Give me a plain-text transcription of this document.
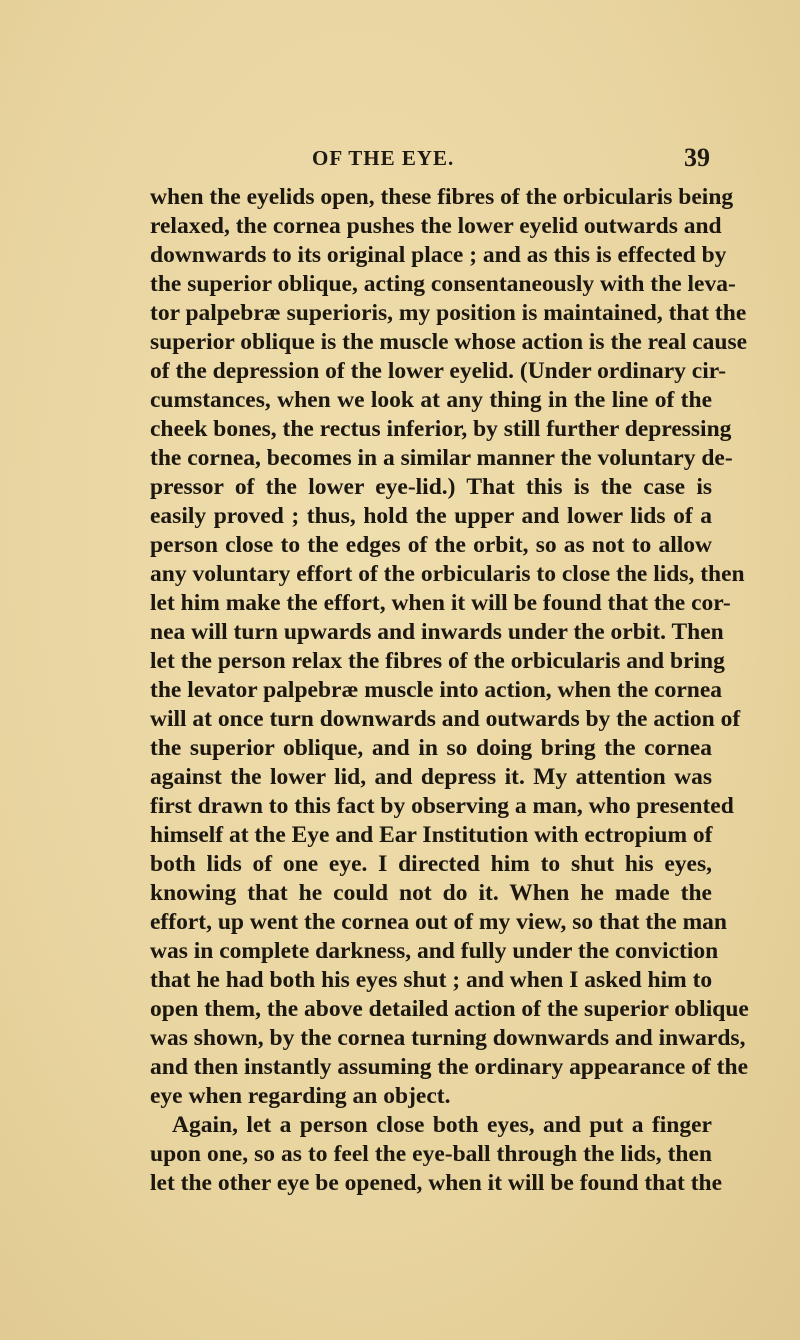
OF THE EYE.	39
when the eyelids open, these fibres of the orbicularis being
relaxed, the cornea pushes the lower eyelid outwards and
downwards to its original place ; and as this is effected by
the superior oblique, acting consentaneously with the leva-
tor palpebræ superioris, my position is maintained, that the
superior oblique is the muscle whose action is the real cause
of the depression of the lower eyelid. (Under ordinary cir-
cumstances, when we look at any thing in the line of the
cheek bones, the rectus inferior, by still further depressing
the cornea, becomes in a similar manner the voluntary de-
pressor of the lower eye-lid.) That this is the case is
easily proved ; thus, hold the upper and lower lids of a
person close to the edges of the orbit, so as not to allow
any voluntary effort of the orbicularis to close the lids, then
let him make the effort, when it will be found that the cor-
nea will turn upwards and inwards under the orbit. Then
let the person relax the fibres of the orbicularis and bring
the levator palpebræ muscle into action, when the cornea
will at once turn downwards and outwards by the action of
the superior oblique, and in so doing bring the cornea
against the lower lid, and depress it. My attention was
first drawn to this fact by observing a man, who presented
himself at the Eye and Ear Institution with ectropium of
both lids of one eye. I directed him to shut his eyes,
knowing that he could not do it. When he made the
effort, up went the cornea out of my view, so that the man
was in complete darkness, and fully under the conviction
that he had both his eyes shut ; and when I asked him to
open them, the above detailed action of the superior oblique
was shown, by the cornea turning downwards and inwards,
and then instantly assuming the ordinary appearance of the
eye when regarding an object.
Again, let a person close both eyes, and put a finger
upon one, so as to feel the eye-ball through the lids, then
let the other eye be opened, when it will be found that the
